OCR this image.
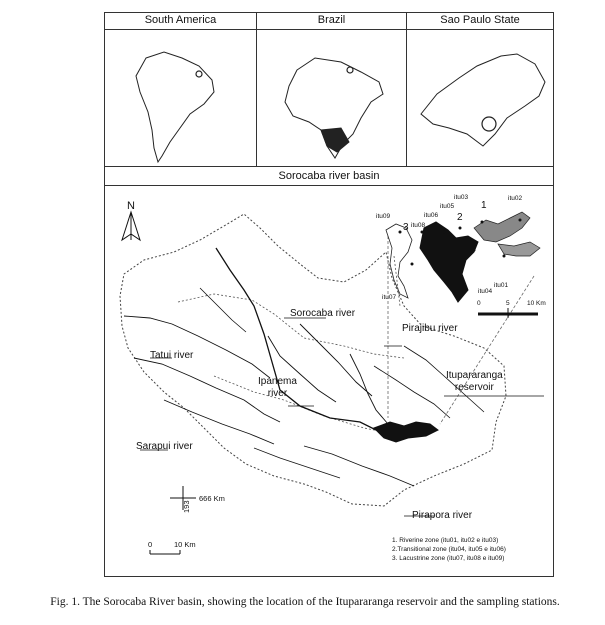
South America	Brazil	Sao Paulo State
Sorocaba river basin
N
itu09
itu08
itu06
itu05
itu03	itu02
itu01
itu04
itu07
1
2
3
0	5	10 Km
Sorocaba river
Pirajibu river
Tatui river
Ipanema
river
Itupararanga
reservoir
Sarapui river
Pirapora river
666 Km
193
0	10 Km	1. Riverine zone (itu01, itu02 e itu03)
2.Transitional zone (itu04, itu05 e itu06)
3. Lacustrine zone (itu07, itu08 e itu09)
Fig. 1. The Sorocaba River basin, showing the location of the Itupararanga reservoir and the sampling stations.
